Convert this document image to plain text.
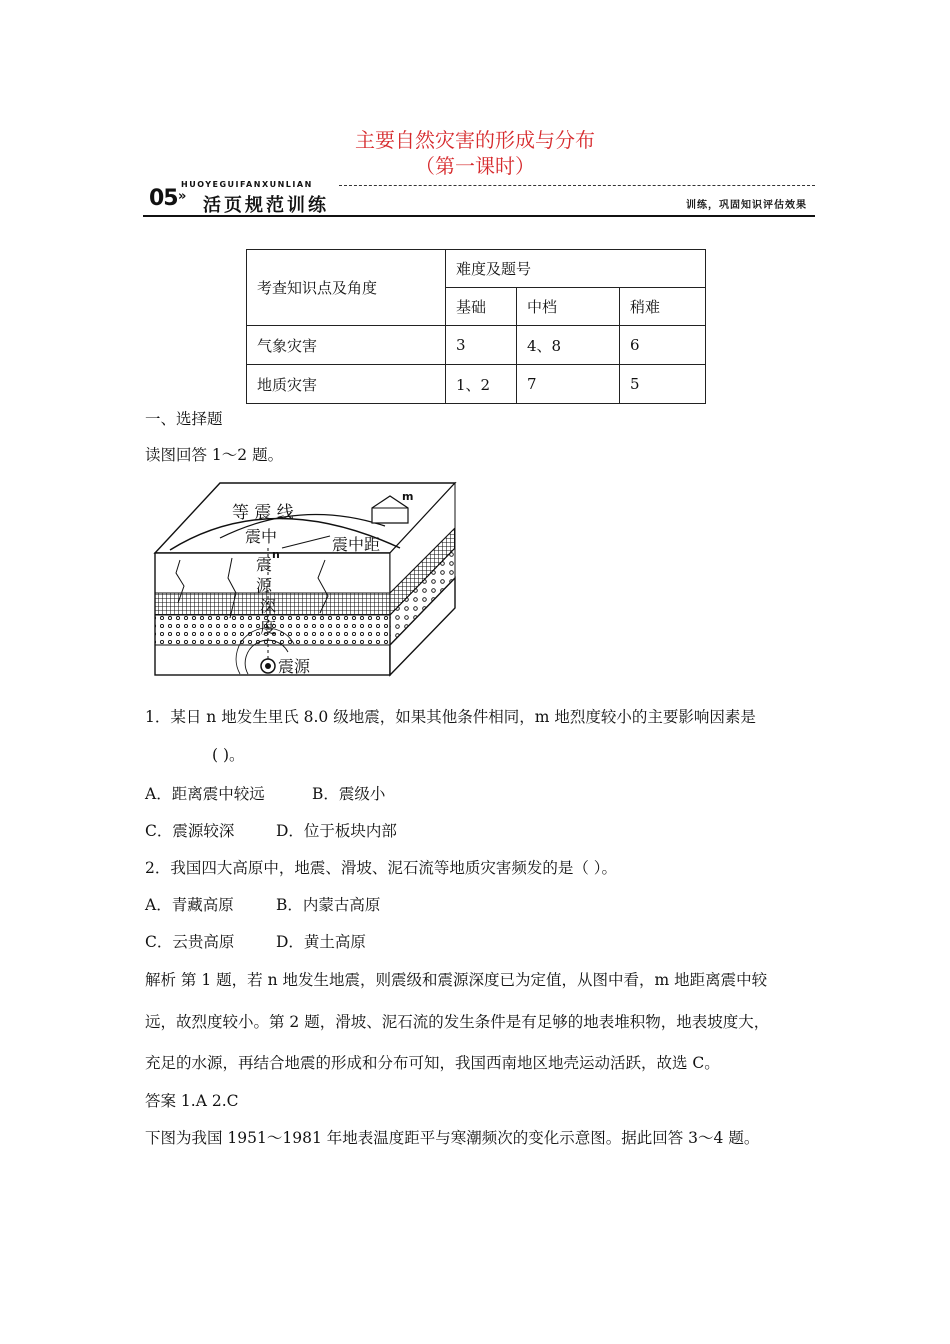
主要自然灾害的形成与分布
（第一课时）
05 »
HUOYEGUIFANXUNLIAN
活页规范训练	训练，巩固知识评估效果
考查知识点及角度	难度及题号		
	基础	中档	稍难
气象灾害	3	4、8	6
地质灾害	1、2	7	5
一、选择题
读图回答 1～2 题。
等 震 线
m
震中
n
震中距
震
源
深
度
震源
1．某日 n 地发生里氏 8.0 级地震，如果其他条件相同，m 地烈度较小的主要影响因素是
( )。
A．距离震中较远	B．震级小
C．震源较深	D．位于板块内部
2．我国四大高原中，地震、滑坡、泥石流等地质灾害频发的是（ ）。
A．青藏高原	B．内蒙古高原
C．云贵高原	D．黄土高原
解析 第 1 题，若 n 地发生地震，则震级和震源深度已为定值，从图中看，m 地距离震中较
远，故烈度较小。第 2 题，滑坡、泥石流的发生条件是有足够的地表堆积物，地表坡度大，
充足的水源，再结合地震的形成和分布可知，我国西南地区地壳运动活跃，故选 C。
答案 1.A 2.C
下图为我国 1951～1981 年地表温度距平与寒潮频次的变化示意图。据此回答 3～4 题。
